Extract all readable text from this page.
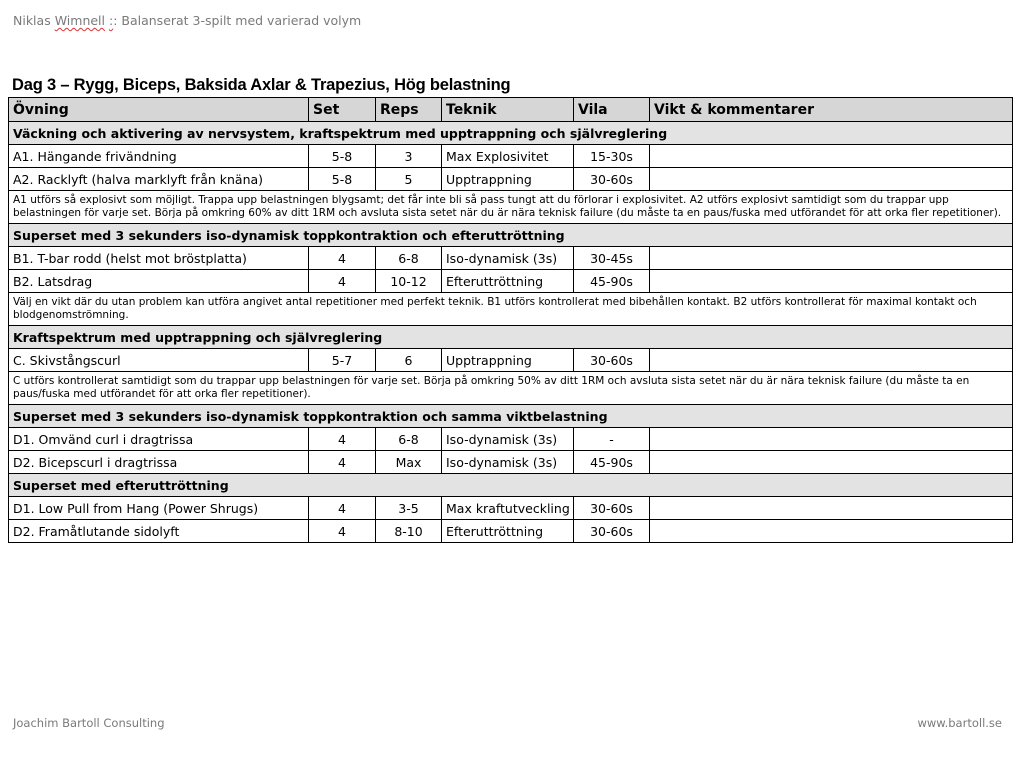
Niklas Wimnell :: Balanserat 3-spilt med varierad volym
Dag 3 – Rygg, Biceps, Baksida Axlar & Trapezius, Hög belastning
Övning	Set	Reps	Teknik	Vila	Vikt & kommentarer
Väckning och aktivering av nervsystem, kraftspektrum med upptrappning och självreglering					
A1. Hängande frivändning	5-8	3	Max Explosivitet	15-30s	
A2. Racklyft (halva marklyft från knäna)	5-8	5	Upptrappning	30-60s	
A1 utförs så explosivt som möjligt. Trappa upp belastningen blygsamt; det får inte bli så pass tungt att du förlorar i explosivitet. A2 utförs explosivt samtidigt som du trappar upp belastningen för varje set. Börja på omkring 60% av ditt 1RM och avsluta sista setet när du är nära teknisk failure (du måste ta en paus/fuska med utförandet för att orka fler repetitioner).					
Superset med 3 sekunders iso-dynamisk toppkontraktion och efteruttröttning					
B1. T-bar rodd (helst mot bröstplatta)	4	6-8	Iso-dynamisk (3s)	30-45s	
B2. Latsdrag	4	10-12	Efteruttröttning	45-90s	
Välj en vikt där du utan problem kan utföra angivet antal repetitioner med perfekt teknik. B1 utförs kontrollerat med bibehållen kontakt. B2 utförs kontrollerat för maximal kontakt och blodgenomströmning.					
Kraftspektrum med upptrappning och självreglering					
C. Skivstångscurl	5-7	6	Upptrappning	30-60s	
C utförs kontrollerat samtidigt som du trappar upp belastningen för varje set. Börja på omkring 50% av ditt 1RM och avsluta sista setet när du är nära teknisk failure (du måste ta en paus/fuska med utförandet för att orka fler repetitioner).					
Superset med 3 sekunders iso-dynamisk toppkontraktion och samma viktbelastning					
D1. Omvänd curl i dragtrissa	4	6-8	Iso-dynamisk (3s)	-	
D2. Bicepscurl i dragtrissa	4	Max	Iso-dynamisk (3s)	45-90s	
Superset med efteruttröttning					
D1. Low Pull from Hang (Power Shrugs)	4	3-5	Max kraftutveckling	30-60s	
D2. Framåtlutande sidolyft	4	8-10	Efteruttröttning	30-60s	
Joachim Bartoll Consulting	www.bartoll.se
